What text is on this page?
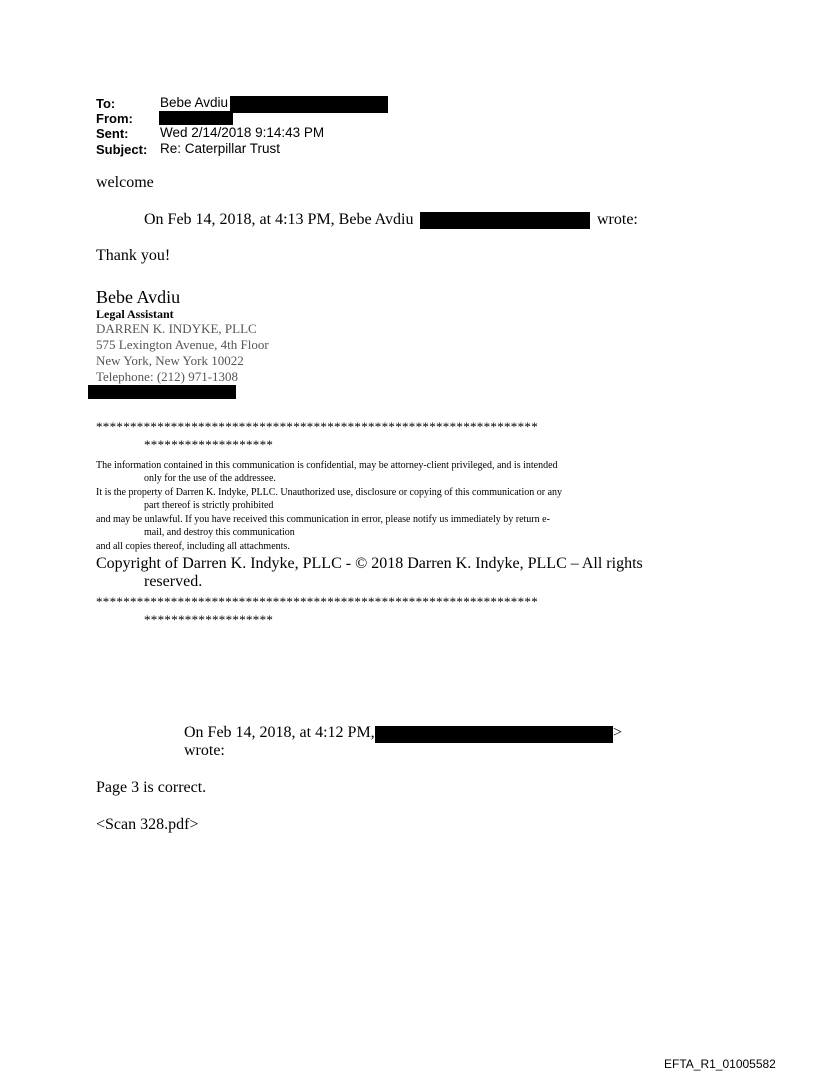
To:	Bebe Avdiu
From:
Sent: Wed 2/14/2018 9:14:43 PM
Subject: Re: Caterpillar Trust
welcome
On Feb 14, 2018, at 4:13 PM, Bebe Avdiu	wrote:
Thank you!
Bebe Avdiu
Legal Assistant
DARREN K. INDYKE, PLLC
575 Lexington Avenue, 4th Floor
New York, New York 10022
Telephone: (212) 971-1308
*****************************************************************
*******************
The information contained in this communication is confidential, may be attorney-client privileged, and is intended
only for the use of the addressee.
It is the property of Darren K. Indyke, PLLC. Unauthorized use, disclosure or copying of this communication or any
part thereof is strictly prohibited
and may be unlawful. If you have received this communication in error, please notify us immediately by return e-
mail, and destroy this communication
and all copies thereof, including all attachments.
Copyright of Darren K. Indyke, PLLC - © 2018 Darren K. Indyke, PLLC – All rights
reserved.
*****************************************************************
*******************
On Feb 14, 2018, at 4:12 PM,	>
wrote:
Page 3 is correct.
<Scan 328.pdf>
EFTA_R1_01005582
